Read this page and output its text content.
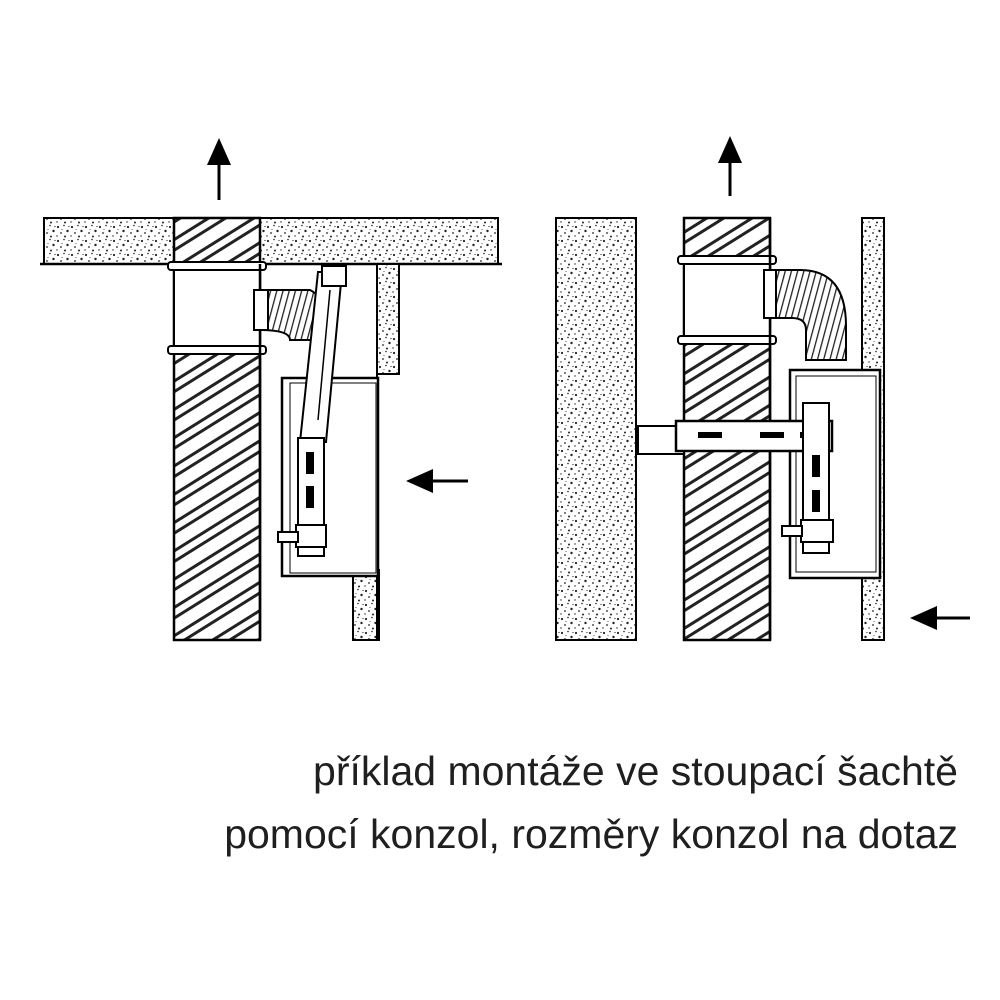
příklad montáže ve stoupací šachtě
pomocí konzol, rozměry konzol na dotaz
